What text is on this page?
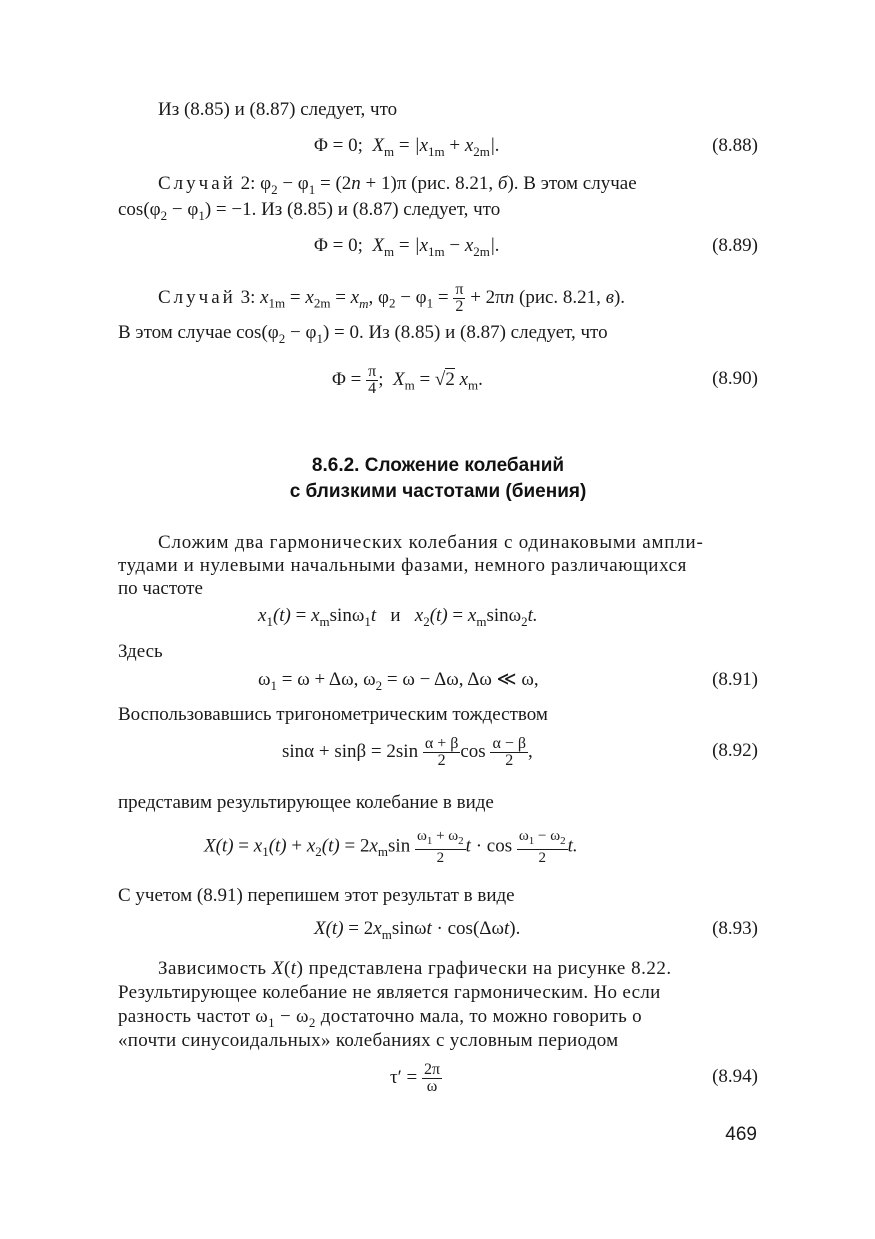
Из (8.85) и (8.87) следует, что
Φ = 0;  $X_m = |x_{1m} + x_{2m}|$.	(8.88)
Случай 2: $\varphi_2 - \varphi_1 = (2n + 1)\pi$ (рис. 8.21, б). В этом случае
$\cos(\varphi_2 - \varphi_1) = -1$. Из (8.85) и (8.87) следует, что
Φ = 0;  $X_m = |x_{1m} - x_{2m}|$.	(8.89)
Случай 3: $x_{1m} = x_{2m} = x_m$, $\varphi_2 - \varphi_1 = \frac{\pi}{2} + 2\pi n$ (рис. 8.21, в).
В этом случае $\cos(\varphi_2 - \varphi_1) = 0$. Из (8.85) и (8.87) следует, что
$\Phi = \frac{\pi}{4}$ ;  $X_m = √2$ $x_m$.	(8.90)
8.6.2. Сложение колебаний
с близкими частотами (биения)
Сложим два гармонических колебания с одинаковыми ампли-
тудами и нулевыми начальными фазами, немного различающихся
по частоте
$x_1(t) = x_m\sin\omega_1t$   и   $x_2(t) = x_m\sin\omega_2t$.
Здесь
$\omega_1 = \omega + \Delta\omega$, $\omega_2 = \omega - \Delta\omega$, Δω ≪ ω,	(8.91)
Воспользовавшись тригонометрическим тождеством
$\sin\alpha + \sin\beta = 2\sin \frac{\alpha + \beta}{2}$ $\cos \frac{\alpha - \beta}{2}$ ,	(8.92)
представим результирующее колебание в виде
$X(t) = x_1(t) + x_2(t) = 2x_m\sin \frac{\omega_1 + \omega_2}{2}$ $t \cdot \cos \frac{\omega_1 - \omega_2}{2} t$.
С учетом (8.91) перепишем этот результат в виде
$X(t) = 2x_m\sin\omega t \cdot \cos(\Delta\omega t)$.	(8.93)
Зависимость X(t) представлена графически на рисунке 8.22.
Результирующее колебание не является гармоническим. Но если
разность частот $\omega_1 - \omega_2$ достаточно мала, то можно говорить о
«почти синусоидальных» колебаниях с условным периодом
$\tau' = \frac{2\pi}{\omega}$	(8.94)
469
